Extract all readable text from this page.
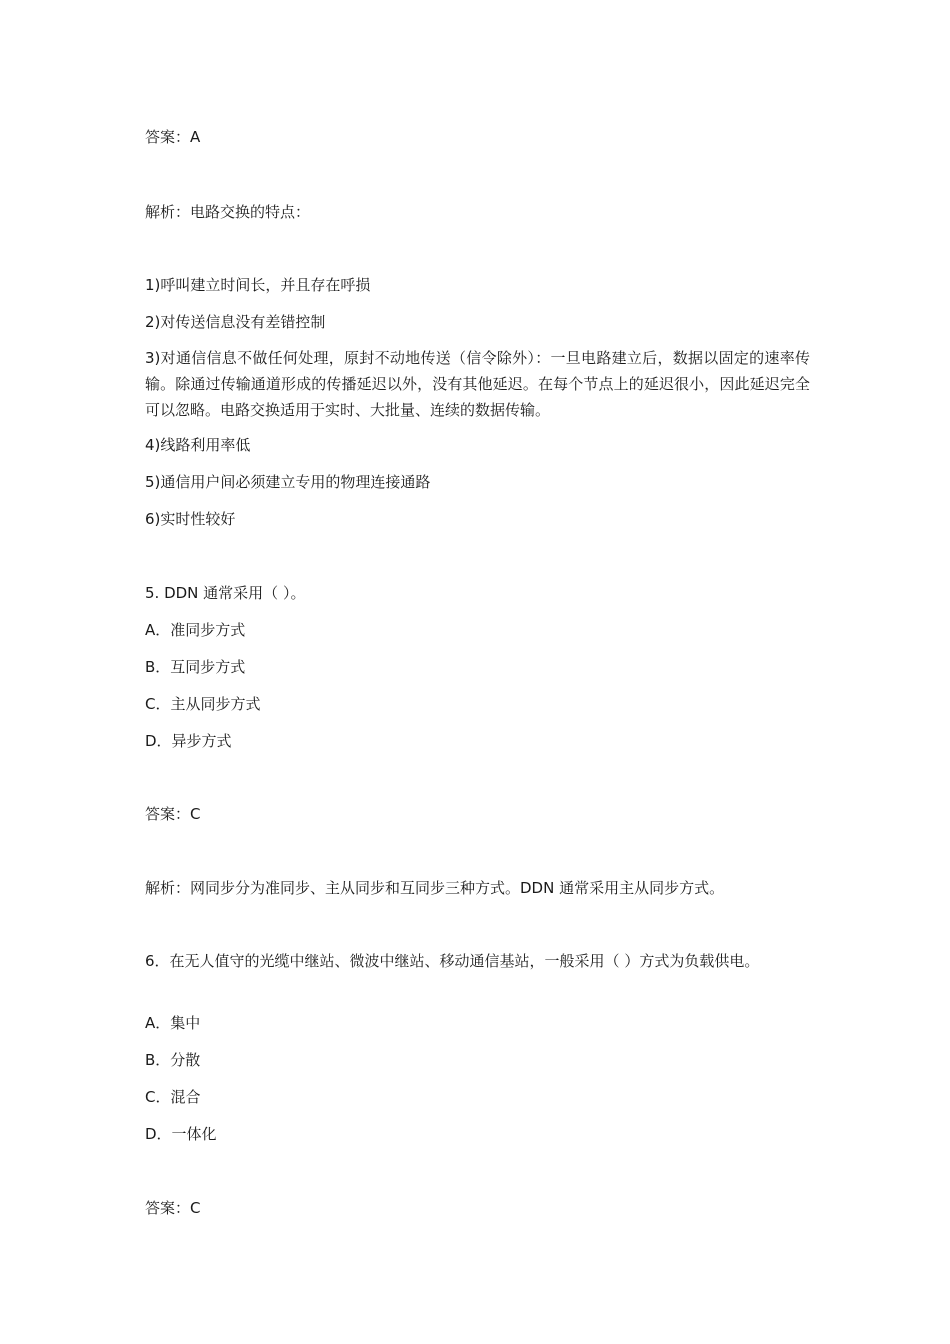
答案：A
解析：电路交换的特点：
1)呼叫建立时间长，并且存在呼损
2)对传送信息没有差错控制
3)对通信信息不做任何处理，原封不动地传送（信令除外）：一旦电路建立后，数据以固定的速率传输。除通过传输通道形成的传播延迟以外，没有其他延迟。在每个节点上的延迟很小，因此延迟完全可以忽略。电路交换适用于实时、大批量、连续的数据传输。
4)线路利用率低
5)通信用户间必须建立专用的物理连接通路
6)实时性较好
5. DDN 通常采用（ ）。
A．准同步方式
B．互同步方式
C．主从同步方式
D．异步方式
答案：C
解析：网同步分为准同步、主从同步和互同步三种方式。DDN 通常采用主从同步方式。
6．在无人值守的光缆中继站、微波中继站、移动通信基站，一般采用（ ）方式为负载供电。
A．集中
B．分散
C．混合
D．一体化
答案：C
